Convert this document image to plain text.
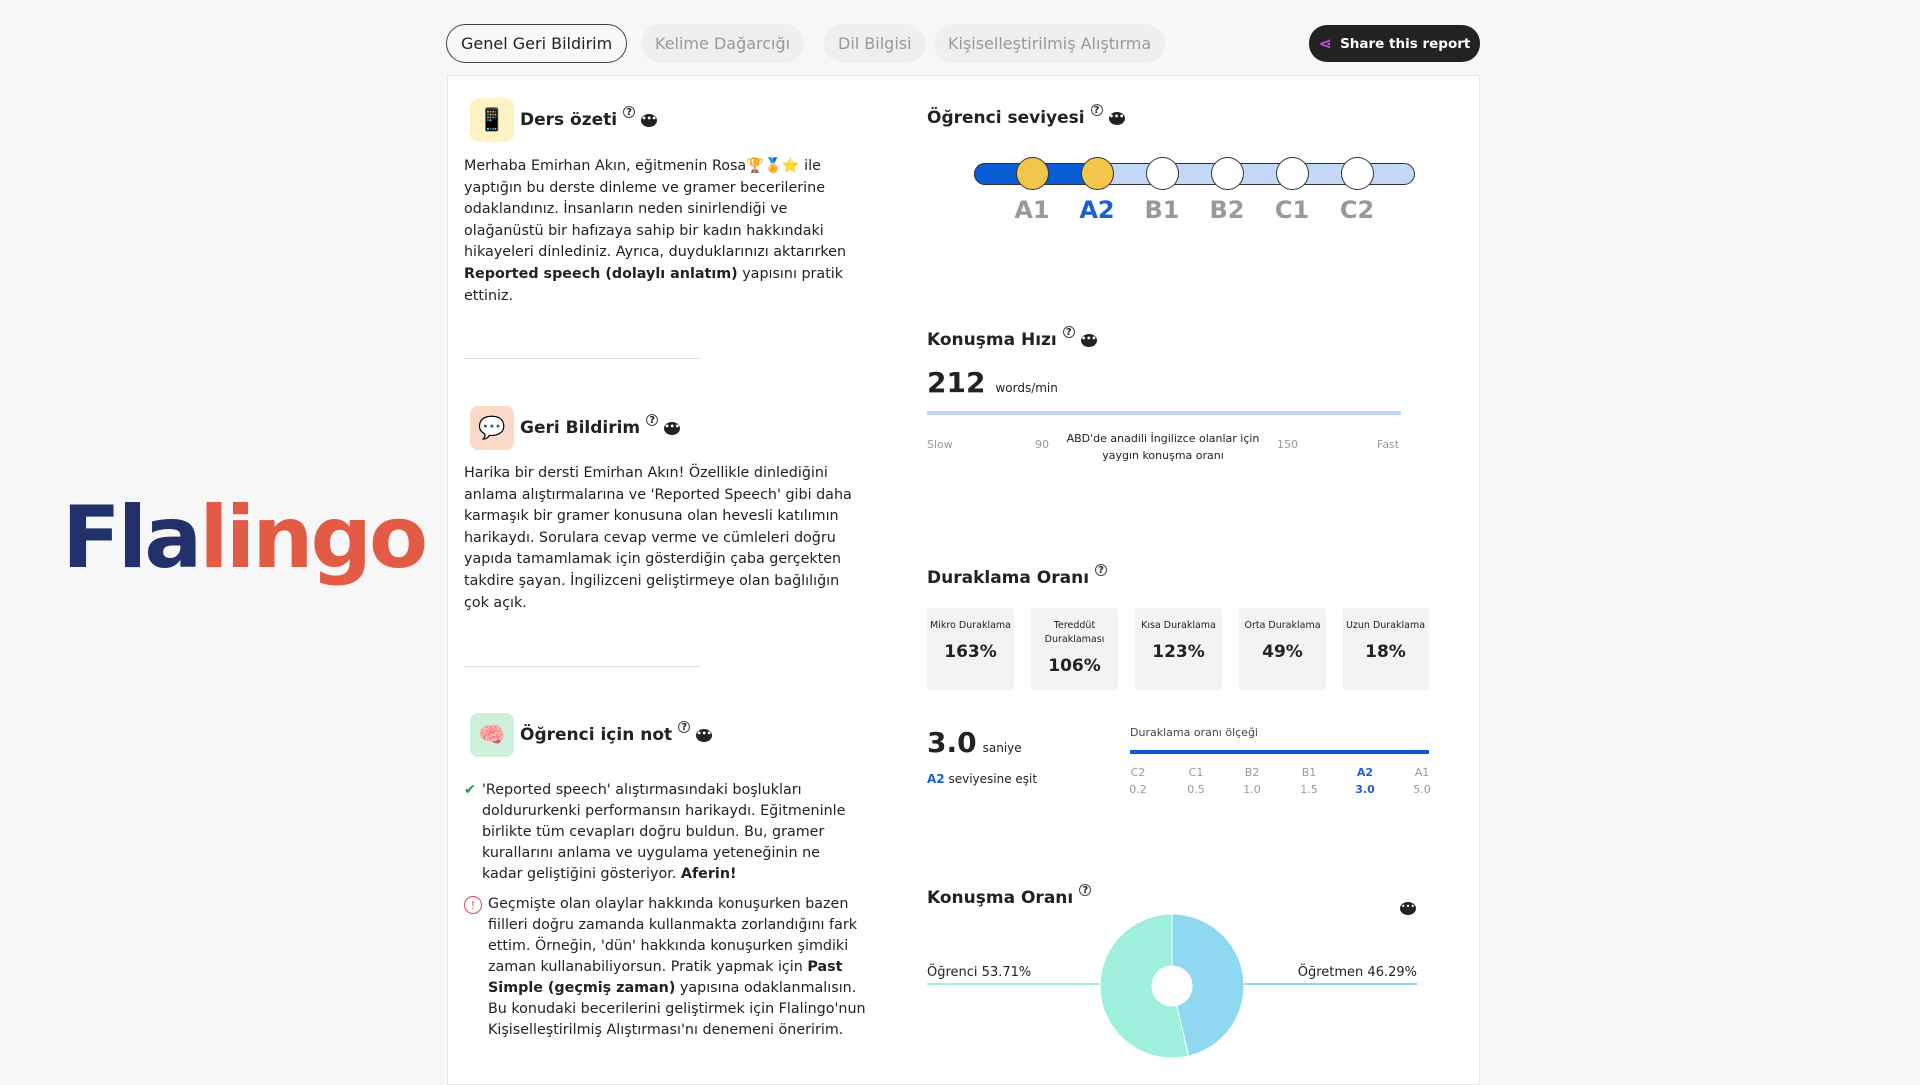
Flalingo
Genel Geri Bildirim	Kelime Dağarcığı	Dil Bilgisi	Kişiselleştirilmiş Alıştırma	⋖ Share this report
📱 Ders özeti ?
•••

Merhaba Emirhan Akın, eğitmenin Rosa🏆🏅⭐ ile yaptığın bu derste dinleme ve gramer becerilerine odaklandınız. İnsanların neden sinirlendiği ve olağanüstü bir hafızaya sahip bir kadın hakkındaki hikayeleri dinlediniz. Ayrıca, duyduklarınızı aktarırken Reported speech (dolaylı anlatım) yapısını pratik ettiniz.

💬 Geri Bildirim ?
•••

Harika bir dersti Emirhan Akın! Özellikle dinlediğini anlama alıştırmalarına ve 'Reported Speech' gibi daha karmaşık bir gramer konusuna olan hevesli katılımın harikaydı. Sorulara cevap verme ve cümleleri doğru yapıda tamamlamak için gösterdiğin çaba gerçekten takdire şayan. İngilizceni geliştirmeye olan bağlılığın çok açık.

🧠 Öğrenci için not ?
•••
✔ 'Reported speech' alıştırmasındaki boşlukları doldururkenki performansın harikaydı. Eğitmeninle birlikte tüm cevapları doğru buldun. Bu, gramer kurallarını anlama ve uygulama yeteneğinin ne kadar geliştiğini gösteriyor. Aferin!
! Geçmişte olan olaylar hakkında konuşurken bazen fiilleri doğru zamanda kullanmakta zorlandığını fark ettim. Örneğin, 'dün' hakkında konuşurken şimdiki zaman kullanabiliyorsun. Pratik yapmak için Past Simple (geçmiş zaman) yapısına odaklanmalısın. Bu konudaki becerilerini geliştirmek için Flalingo'nun Kişiselleştirilmiş Alıştırması'nı denemeni öneririm.
Öğrenci seviyesi ?
•••
A1	A2	B1	B2	C1	C2
Konuşma Hızı ?
•••
212 words/min
Slow	90	ABD'de anadili İngilizce olanlar için yaygın konuşma oranı
150	Fast
Duraklama Oranı ?
Mikro Duraklama
163%
Tereddüt Duraklaması
106%
Kısa Duraklama
123%
Orta Duraklama
49%
Uzun Duraklama
18%
3.0 saniye
A2 seviyesine eşit
Duraklama oranı ölçeği
C2
0.2
C1
0.5
B2
1.0
B1
1.5
A2
3.0
A1
5.0
Konuşma Oranı ?
•••
Öğrenci 53.71%	Öğretmen 46.29%
